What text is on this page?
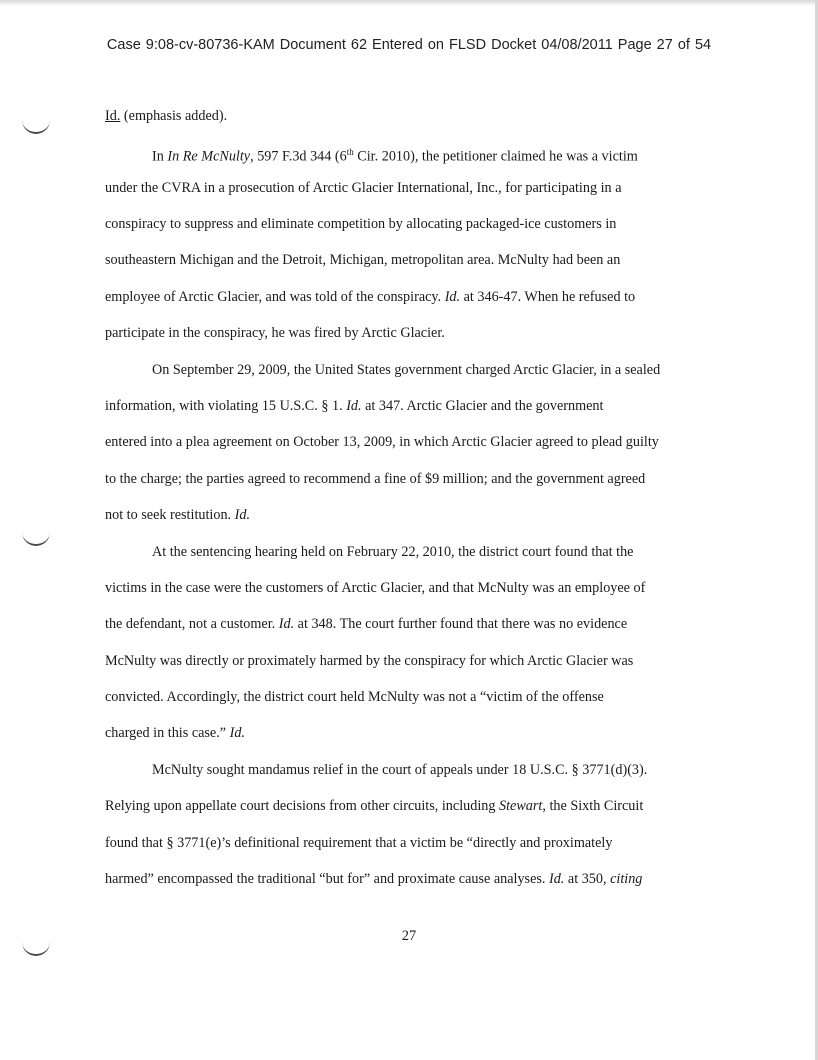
Case 9:08-cv-80736-KAM Document 62 Entered on FLSD Docket 04/08/2011 Page 27 of 54
Id. (emphasis added).
In In Re McNulty, 597 F.3d 344 (6th Cir. 2010), the petitioner claimed he was a victim
under the CVRA in a prosecution of Arctic Glacier International, Inc., for participating in a
conspiracy to suppress and eliminate competition by allocating packaged-ice customers in
southeastern Michigan and the Detroit, Michigan, metropolitan area. McNulty had been an
employee of Arctic Glacier, and was told of the conspiracy. Id. at 346-47. When he refused to
participate in the conspiracy, he was fired by Arctic Glacier.
On September 29, 2009, the United States government charged Arctic Glacier, in a sealed
information, with violating 15 U.S.C. § 1. Id. at 347. Arctic Glacier and the government
entered into a plea agreement on October 13, 2009, in which Arctic Glacier agreed to plead guilty
to the charge; the parties agreed to recommend a fine of $9 million; and the government agreed
not to seek restitution. Id.
At the sentencing hearing held on February 22, 2010, the district court found that the
victims in the case were the customers of Arctic Glacier, and that McNulty was an employee of
the defendant, not a customer. Id. at 348. The court further found that there was no evidence
McNulty was directly or proximately harmed by the conspiracy for which Arctic Glacier was
convicted. Accordingly, the district court held McNulty was not a “victim of the offense
charged in this case.” Id.
McNulty sought mandamus relief in the court of appeals under 18 U.S.C. § 3771(d)(3).
Relying upon appellate court decisions from other circuits, including Stewart, the Sixth Circuit
found that § 3771(e)’s definitional requirement that a victim be “directly and proximately
harmed” encompassed the traditional “but for” and proximate cause analyses. Id. at 350, citing
27
